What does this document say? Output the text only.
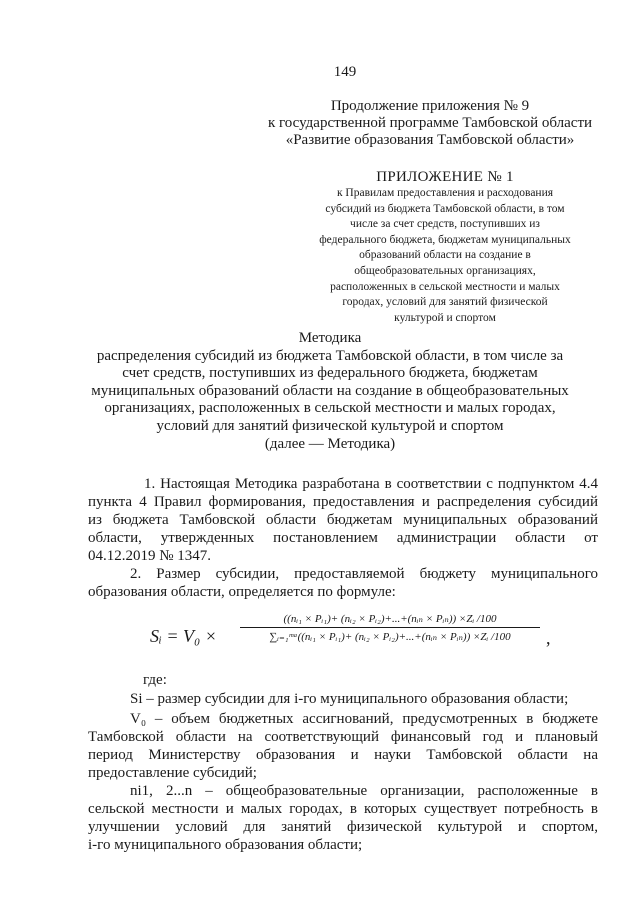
149
Продолжение приложения № 9
к государственной программе Тамбовской области
«Развитие образования Тамбовской области»
ПРИЛОЖЕНИЕ № 1
к Правилам предоставления и расходования
субсидий из бюджета Тамбовской области, в том
числе за счет средств, поступивших из
федерального бюджета, бюджетам муниципальных
образований области на создание в
общеобразовательных организациях,
расположенных в сельской местности и малых
городах, условий для занятий физической
культурой и спортом
Методика
распределения субсидий из бюджета Тамбовской области, в том числе за
счет средств, поступивших из федерального бюджета, бюджетам
муниципальных образований области на создание в общеобразовательных
организациях, расположенных в сельской местности и малых городах,
условий для занятий физической культурой и спортом
(далее — Методика)
1. Настоящая Методика разработана в соответствии с подпунктом 4.4
пункта 4 Правил формирования, предоставления и распределения субсидий
из бюджета Тамбовской области бюджетам муниципальных образований
области, утвержденных постановлением администрации области от
04.12.2019 № 1347.
2. Размер субсидии, предоставляемой бюджету муниципального
образования области, определяется по формуле:
Sᵢ = V₀ ×
((nᵢ₁ × Pᵢ₁)+ (nᵢ₂ × Pᵢ₂)+...+(nᵢₙ × Pᵢₙ)) ×Zᵢ /100
∑ᵢ₌₁ᵐᵃ((nᵢ₁ × Pᵢ₁)+ (nᵢ₂ × Pᵢ₂)+...+(nᵢₙ × Pᵢₙ)) ×Zᵢ /100	,
где:
Si – размер субсидии для i-го муниципального образования области;
V₀ – объем бюджетных ассигнований, предусмотренных в бюджете
Тамбовской области на соответствующий финансовый год и плановый
период Министерству образования и науки Тамбовской области на
предоставление субсидий;
ni1, 2...n – общеобразовательные организации, расположенные в
сельской местности и малых городах, в которых существует потребность в
улучшении условий для занятий физической культурой и спортом,
i-го муниципального образования области;
